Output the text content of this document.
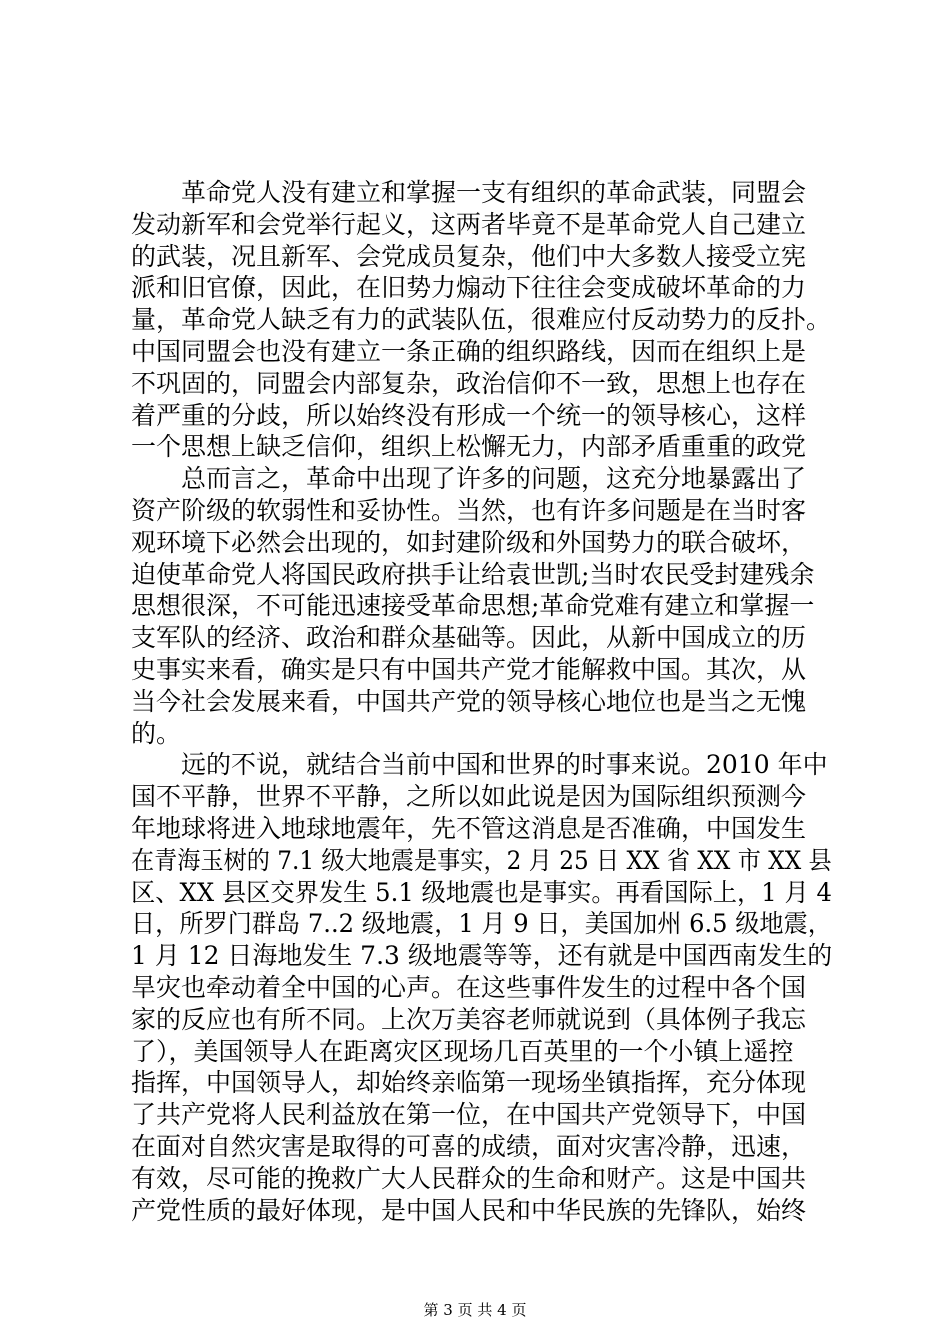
　　革命党人没有建立和掌握一支有组织的革命武装，同盟会
发动新军和会党举行起义，这两者毕竟不是革命党人自己建立
的武装，况且新军、会党成员复杂，他们中大多数人接受立宪
派和旧官僚，因此，在旧势力煽动下往往会变成破坏革命的力
量，革命党人缺乏有力的武装队伍，很难应付反动势力的反扑。
中国同盟会也没有建立一条正确的组织路线，因而在组织上是
不巩固的，同盟会内部复杂，政治信仰不一致，思想上也存在
着严重的分歧，所以始终没有形成一个统一的领导核心，这样
一个思想上缺乏信仰，组织上松懈无力，内部矛盾重重的政党
　　总而言之，革命中出现了许多的问题，这充分地暴露出了
资产阶级的软弱性和妥协性。当然，也有许多问题是在当时客
观环境下必然会出现的，如封建阶级和外国势力的联合破坏，
迫使革命党人将国民政府拱手让给袁世凯;当时农民受封建残余
思想很深，不可能迅速接受革命思想;革命党难有建立和掌握一
支军队的经济、政治和群众基础等。因此，从新中国成立的历
史事实来看，确实是只有中国共产党才能解救中国。其次，从
当今社会发展来看，中国共产党的领导核心地位也是当之无愧
的。
　　远的不说，就结合当前中国和世界的时事来说。2010 年中
国不平静，世界不平静，之所以如此说是因为国际组织预测今
年地球将进入地球地震年，先不管这消息是否准确，中国发生
在青海玉树的 7.1 级大地震是事实，2 月 25 日 XX 省 XX 市 XX 县
区、XX 县区交界发生 5.1 级地震也是事实。再看国际上，1 月 4
日，所罗门群岛 7..2 级地震，1 月 9 日，美国加州 6.5 级地震，
1 月 12 日海地发生 7.3 级地震等等，还有就是中国西南发生的
旱灾也牵动着全中国的心声。在这些事件发生的过程中各个国
家的反应也有所不同。上次万美容老师就说到（具体例子我忘
了），美国领导人在距离灾区现场几百英里的一个小镇上遥控
指挥，中国领导人，却始终亲临第一现场坐镇指挥，充分体现
了共产党将人民利益放在第一位，在中国共产党领导下，中国
在面对自然灾害是取得的可喜的成绩，面对灾害冷静，迅速，
有效，尽可能的挽救广大人民群众的生命和财产。这是中国共
产党性质的最好体现，是中国人民和中华民族的先锋队，始终
第 3 页 共 4 页
